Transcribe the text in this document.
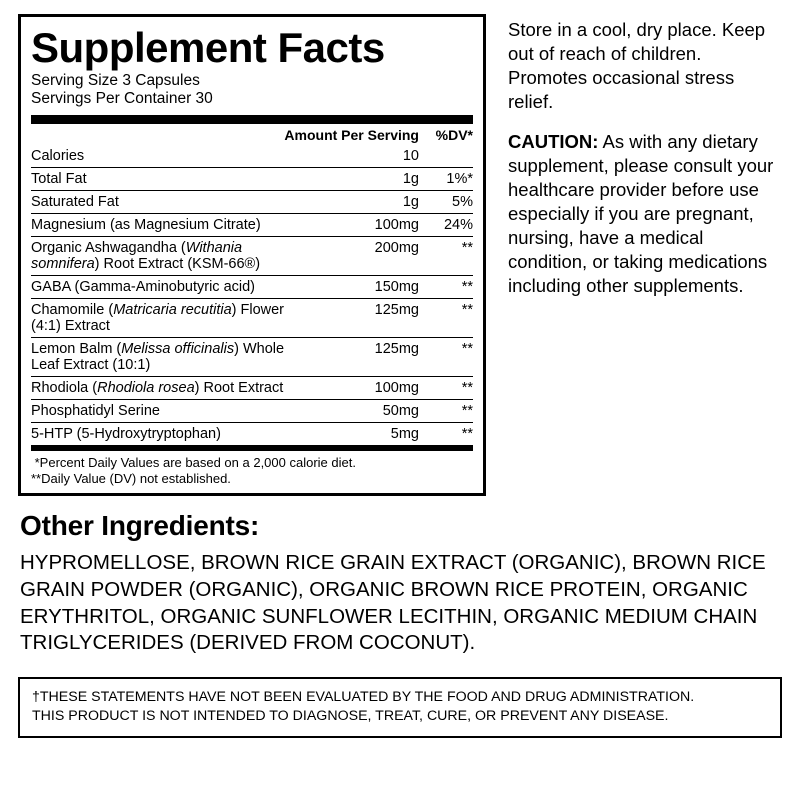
Supplement Facts
Serving Size 3 Capsules
Servings Per Container 30
	Amount Per Serving	%DV*
Calories	10	
Total Fat	1g	1%*
Saturated Fat	1g	5%
Magnesium (as Magnesium Citrate)	100mg	24%
Organic Ashwagandha (Withania somnifera) Root Extract (KSM-66®)	200mg	**
GABA (Gamma-Aminobutyric acid)	150mg	**
Chamomile (Matricaria recutitia) Flower (4:1) Extract	125mg	**
Lemon Balm (Melissa officinalis) Whole Leaf Extract (10:1)	125mg	**
Rhodiola (Rhodiola rosea) Root Extract	100mg	**
Phosphatidyl Serine	50mg	**
5-HTP (5-Hydroxytryptophan)	5mg	**
*Percent Daily Values are based on a 2,000 calorie diet.
**Daily Value (DV) not established.

Store in a cool, dry place. Keep out of reach of children. Promotes occasional stress relief.

CAUTION: As with any dietary supplement, please consult your healthcare provider before use especially if you are pregnant, nursing, have a medical condition, or taking medications including other supplements.

Other Ingredients:
HYPROMELLOSE, BROWN RICE GRAIN EXTRACT (ORGANIC), BROWN RICE GRAIN POWDER (ORGANIC), ORGANIC BROWN RICE PROTEIN, ORGANIC ERYTHRITOL, ORGANIC SUNFLOWER LECITHIN, ORGANIC MEDIUM CHAIN TRIGLYCERIDES (DERIVED FROM COCONUT).
†THESE STATEMENTS HAVE NOT BEEN EVALUATED BY THE FOOD AND DRUG ADMINISTRATION.
THIS PRODUCT IS NOT INTENDED TO DIAGNOSE, TREAT, CURE, OR PREVENT ANY DISEASE.
